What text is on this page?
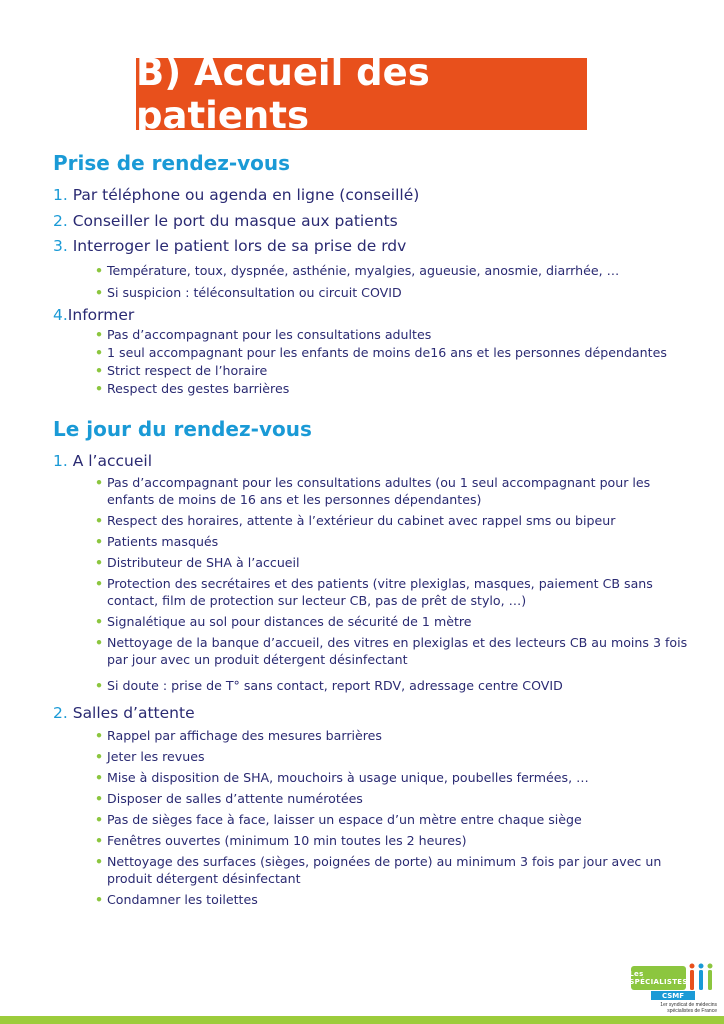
B) Accueil des patients
Prise de rendez-vous
1. Par téléphone ou agenda en ligne (conseillé)
2. Conseiller le port du masque aux patients
3. Interroger le patient lors de sa prise de rdv
• Température, toux, dyspnée, asthénie, myalgies, agueusie, anosmie, diarrhée, …
• Si suspicion : téléconsultation ou circuit COVID
4.Informer
• Pas d’accompagnant pour les consultations adultes
• 1 seul accompagnant pour les enfants de moins de16 ans et les personnes dépendantes
• Strict respect de l’horaire
• Respect des gestes barrières
Le jour du rendez-vous
1. A l’accueil
• Pas d’accompagnant pour les consultations adultes (ou 1 seul accompagnant pour les enfants de moins de 16 ans et les personnes dépendantes)
• Respect des horaires, attente à l’extérieur du cabinet avec rappel sms ou bipeur
• Patients masqués
• Distributeur de SHA à l’accueil
• Protection des secrétaires et des patients (vitre plexiglas, masques, paiement CB sans contact, film de protection sur lecteur CB, pas de prêt de stylo, …)
• Signalétique au sol pour distances de sécurité de 1 mètre
• Nettoyage de la banque d’accueil, des vitres en plexiglas et des lecteurs CB au moins 3 fois par jour avec un produit détergent désinfectant
• Si doute : prise de T° sans contact, report RDV, adressage centre COVID
2. Salles d’attente
• Rappel par affichage des mesures barrières
• Jeter les revues
• Mise à disposition de SHA, mouchoirs à usage unique, poubelles fermées, …
• Disposer de salles d’attente numérotées
• Pas de sièges face à face, laisser un espace d’un mètre entre chaque siège
• Fenêtres ouvertes (minimum 10 min toutes les 2 heures)
• Nettoyage des surfaces (sièges, poignées de porte) au minimum 3 fois par jour avec un produit détergent désinfectant
• Condamner les toilettes
Les SPÉCIALISTES
CSMF
1er syndicat de médecins
spécialistes de France
